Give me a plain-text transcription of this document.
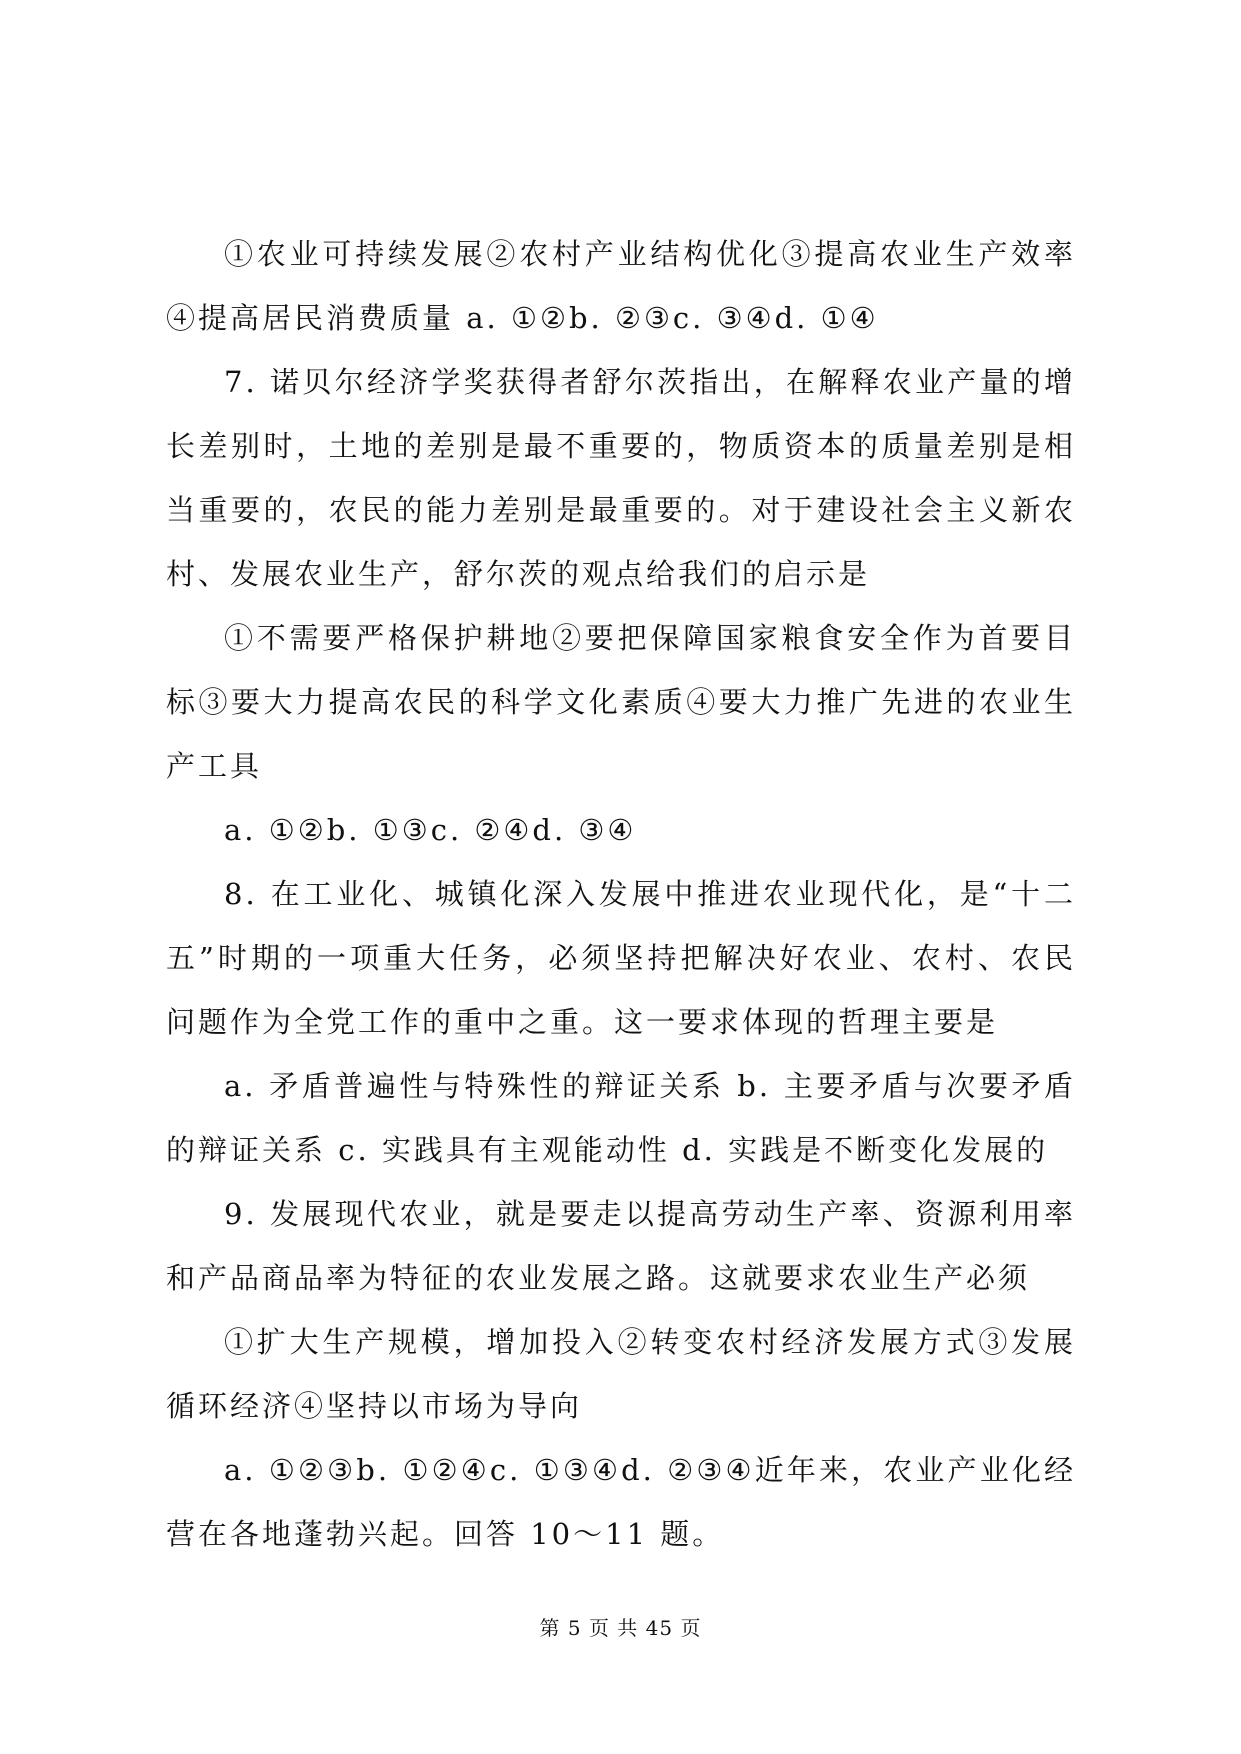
①农业可持续发展②农村产业结构优化③提高农业生产效率④提高居民消费质量 a. ①②b. ②③c. ③④d. ①④

7. 诺贝尔经济学奖获得者舒尔茨指出，在解释农业产量的增长差别时，土地的差别是最不重要的，物质资本的质量差别是相当重要的，农民的能力差别是最重要的。对于建设社会主义新农村、发展农业生产，舒尔茨的观点给我们的启示是

①不需要严格保护耕地②要把保障国家粮食安全作为首要目标③要大力提高农民的科学文化素质④要大力推广先进的农业生产工具

a. ①②b. ①③c. ②④d. ③④

8. 在工业化、城镇化深入发展中推进农业现代化，是“十二五”时期的一项重大任务，必须坚持把解决好农业、农村、农民问题作为全党工作的重中之重。这一要求体现的哲理主要是

a. 矛盾普遍性与特殊性的辩证关系 b. 主要矛盾与次要矛盾的辩证关系 c. 实践具有主观能动性 d. 实践是不断变化发展的

9. 发展现代农业，就是要走以提高劳动生产率、资源利用率和产品商品率为特征的农业发展之路。这就要求农业生产必须

①扩大生产规模，增加投入②转变农村经济发展方式③发展循环经济④坚持以市场为导向

a. ①②③b. ①②④c. ①③④d. ②③④近年来，农业产业化经营在各地蓬勃兴起。回答 10～11 题。

第 5 页 共 45 页
